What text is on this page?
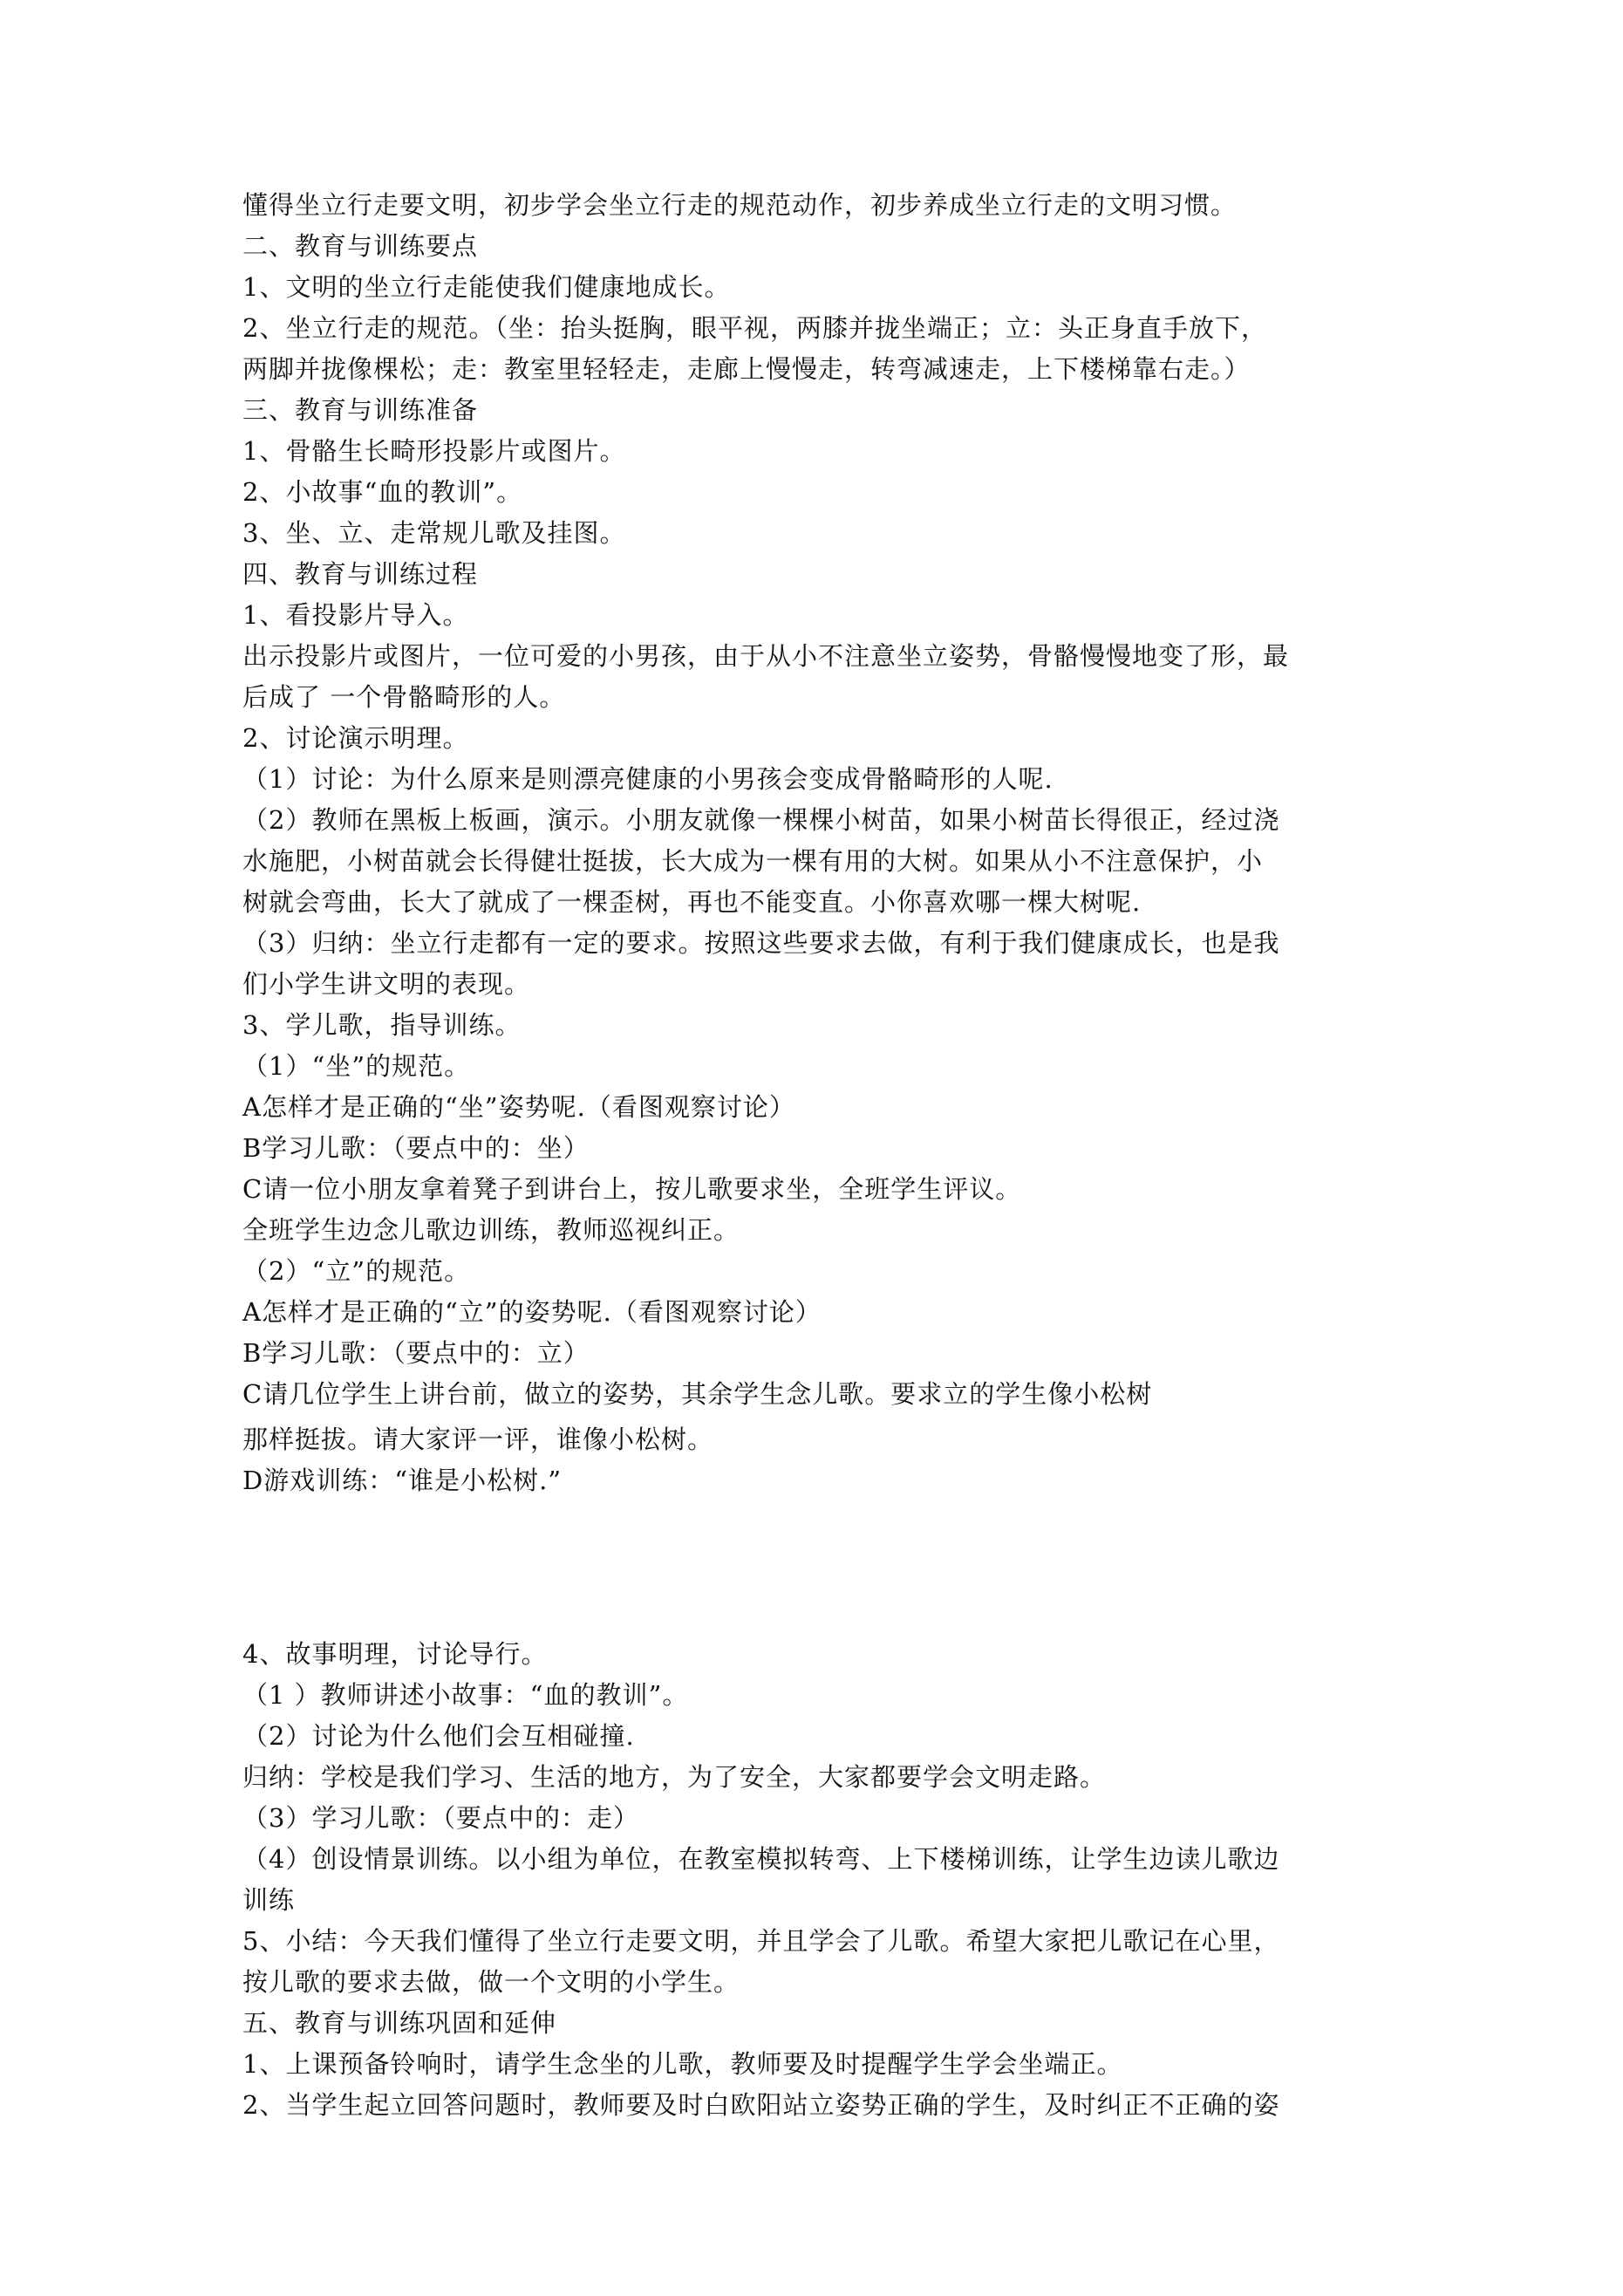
懂得坐立行走要文明，初步学会坐立行走的规范动作，初步养成坐立行走的文明习惯。
二、教育与训练要点
1、文明的坐立行走能使我们健康地成长。
2、坐立行走的规范。（坐：抬头挺胸，眼平视，两膝并拢坐端正；立：头正身直手放下，
两脚并拢像棵松；走：教室里轻轻走，走廊上慢慢走，转弯减速走，上下楼梯靠右走。）
三、教育与训练准备
1、骨骼生长畸形投影片或图片。
2、小故事“血的教训”。
3、坐、立、走常规儿歌及挂图。
四、教育与训练过程
1、看投影片导入。
出示投影片或图片，一位可爱的小男孩，由于从小不注意坐立姿势，骨骼慢慢地变了形，最
后成了 一个骨骼畸形的人。
2、讨论演示明理。
（1）讨论：为什么原来是则漂亮健康的小男孩会变成骨骼畸形的人呢.
（2）教师在黑板上板画，演示。小朋友就像一棵棵小树苗，如果小树苗长得很正，经过浇
水施肥，小树苗就会长得健壮挺拔，长大成为一棵有用的大树。如果从小不注意保护，小
树就会弯曲，长大了就成了一棵歪树，再也不能变直。小你喜欢哪一棵大树呢.
（3）归纳：坐立行走都有一定的要求。按照这些要求去做，有利于我们健康成长，也是我
们小学生讲文明的表现。
3、学儿歌，指导训练。
（1）“坐”的规范。
A怎样才是正确的“坐”姿势呢.（看图观察讨论）
B学习儿歌：（要点中的：坐）
C请一位小朋友拿着凳子到讲台上，按儿歌要求坐，全班学生评议。
全班学生边念儿歌边训练，教师巡视纠正。
（2）“立”的规范。
A怎样才是正确的“立”的姿势呢.（看图观察讨论）
B学习儿歌：（要点中的：立）
C请几位学生上讲台前，做立的姿势，其余学生念儿歌。要求立的学生像小松树
那样挺拔。请大家评一评，谁像小松树。
D游戏训练：“谁是小松树.”
4、故事明理，讨论导行。
（1 ）教师讲述小故事：“血的教训”。
（2）讨论为什么他们会互相碰撞.
归纳：学校是我们学习、生活的地方，为了安全，大家都要学会文明走路。
（3）学习儿歌：（要点中的：走）
（4）创设情景训练。以小组为单位，在教室模拟转弯、上下楼梯训练，让学生边读儿歌边
训练
5、小结：今天我们懂得了坐立行走要文明，并且学会了儿歌。希望大家把儿歌记在心里，
按儿歌的要求去做，做一个文明的小学生。
五、教育与训练巩固和延伸
1、上课预备铃响时，请学生念坐的儿歌，教师要及时提醒学生学会坐端正。
2、当学生起立回答问题时，教师要及时白欧阳站立姿势正确的学生，及时纠正不正确的姿
